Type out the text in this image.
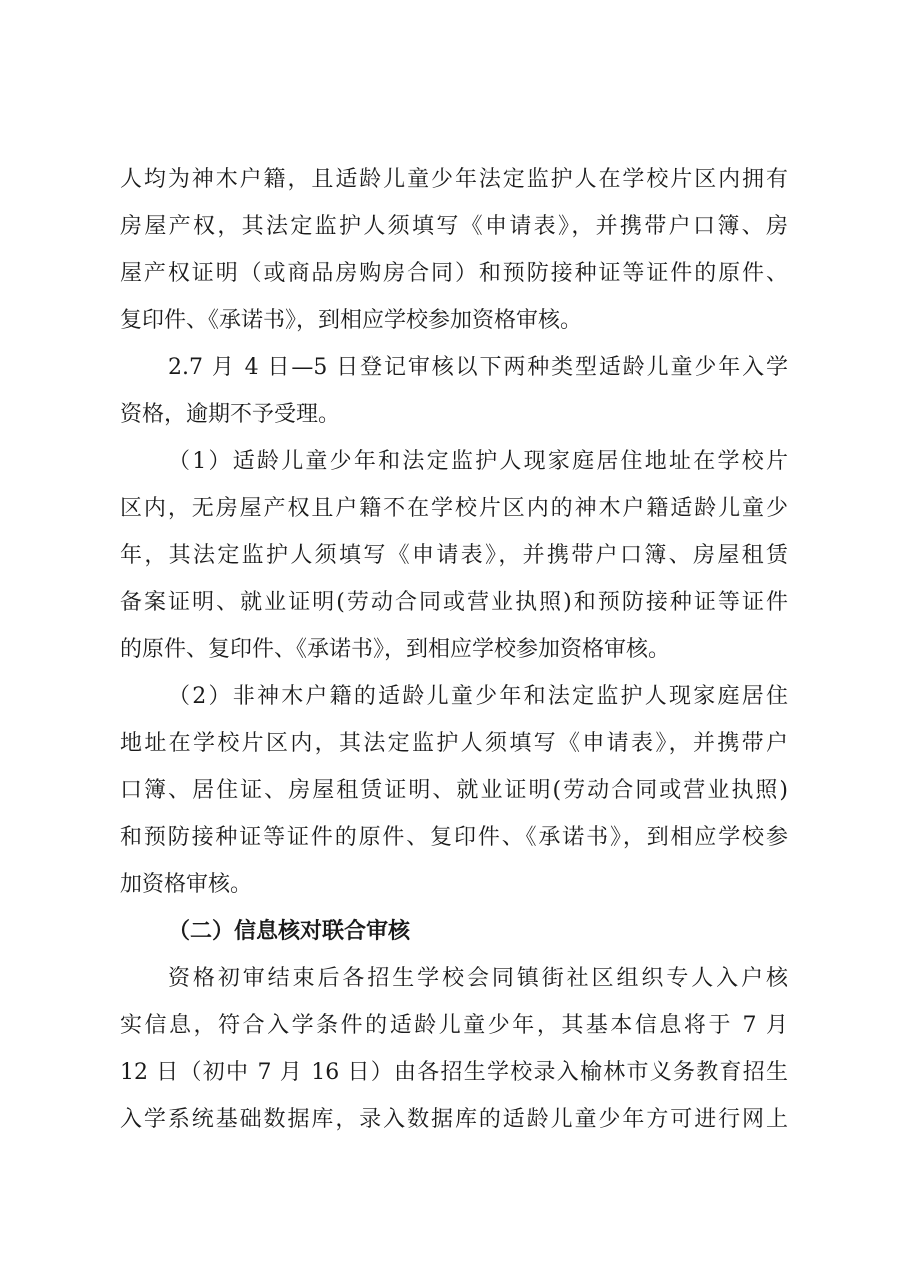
人均为神木户籍，且适龄儿童少年法定监护人在学校片区内拥有
房屋产权，其法定监护人须填写《申请表》，并携带户口簿、房
屋产权证明（或商品房购房合同）和预防接种证等证件的原件、
复印件、《承诺书》，到相应学校参加资格审核。
2.7 月 4 日—5 日登记审核以下两种类型适龄儿童少年入学
资格，逾期不予受理。
（1）适龄儿童少年和法定监护人现家庭居住地址在学校片
区内，无房屋产权且户籍不在学校片区内的神木户籍适龄儿童少
年，其法定监护人须填写《申请表》，并携带户口簿、房屋租赁
备案证明、就业证明(劳动合同或营业执照)和预防接种证等证件
的原件、复印件、《承诺书》，到相应学校参加资格审核。
（2）非神木户籍的适龄儿童少年和法定监护人现家庭居住
地址在学校片区内，其法定监护人须填写《申请表》，并携带户
口簿、居住证、房屋租赁证明、就业证明(劳动合同或营业执照)
和预防接种证等证件的原件、复印件、《承诺书》，到相应学校参
加资格审核。
（二）信息核对联合审核
资格初审结束后各招生学校会同镇街社区组织专人入户核
实信息，符合入学条件的适龄儿童少年，其基本信息将于 7 月
12 日（初中 7 月 16 日）由各招生学校录入榆林市义务教育招生
入学系统基础数据库，录入数据库的适龄儿童少年方可进行网上
